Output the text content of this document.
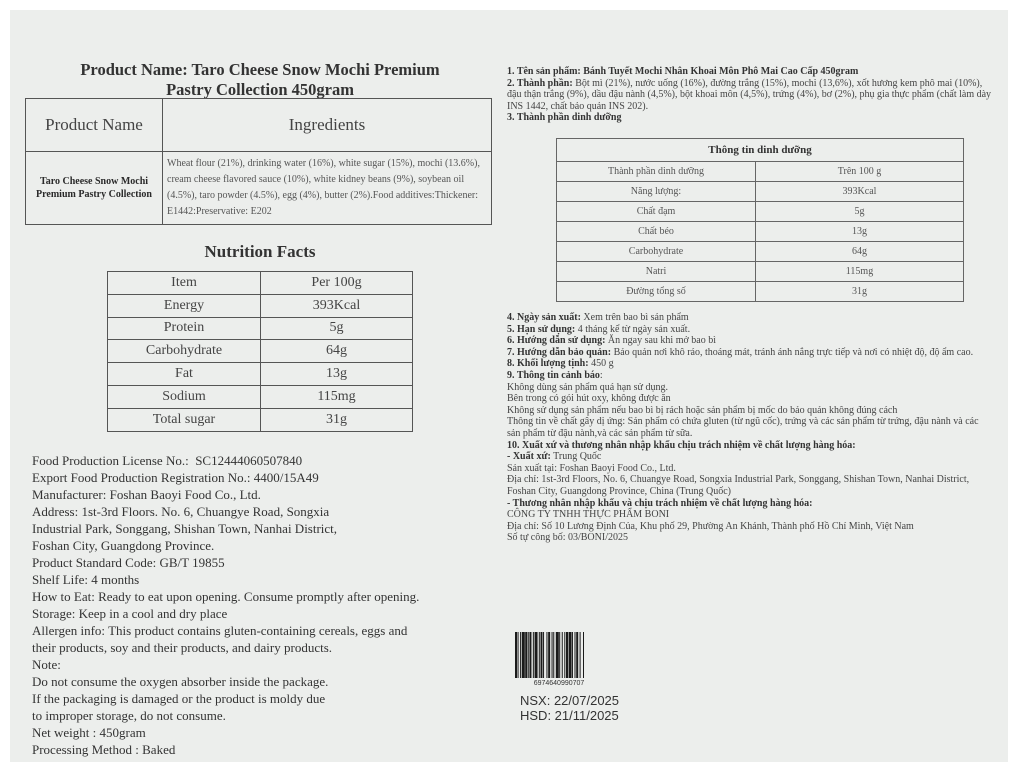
Product Name: Taro Cheese Snow Mochi Premium
Pastry Collection 450gram
Product Name	Ingredients
Taro Cheese Snow Mochi Premium Pastry Collection	Wheat flour (21%), drinking water (16%), white sugar (15%), mochi (13.6%), cream cheese flavored sauce (10%), white kidney beans (9%), soybean oil (4.5%), taro powder (4.5%), egg (4%), butter (2%).Food additives:Thickener: E1442:Preservative: E202
Nutrition Facts
Item	Per 100g
Energy	393Kcal
Protein	5g
Carbohydrate	64g
Fat	13g
Sodium	115mg
Total sugar	31g
Food Production License No.:  SC12444060507840
Export Food Production Registration No.: 4400/15A49
Manufacturer: Foshan Baoyi Food Co., Ltd.
Address: 1st-3rd Floors. No. 6, Chuangye Road, Songxia
Industrial Park, Songgang, Shishan Town, Nanhai District,
Foshan City, Guangdong Province.
Product Standard Code: GB/T 19855
Shelf Life: 4 months
How to Eat: Ready to eat upon opening. Consume promptly after opening.
Storage: Keep in a cool and dry place
Allergen info: This product contains gluten-containing cereals, eggs and
their products, soy and their products, and dairy products.
Note:
Do not consume the oxygen absorber inside the package.
If the packaging is damaged or the product is moldy due
to improper storage, do not consume.
Net weight : 450gram
Processing Method : Baked
1. Tên sản phẩm: Bánh Tuyết Mochi Nhân Khoai Môn Phô Mai Cao Cấp 450gram
2. Thành phần: Bột mì (21%), nước uống (16%), đường trắng (15%), mochi (13,6%), xốt hương kem phô mai (10%), đậu thận trắng (9%), dầu đậu nành (4,5%), bột khoai môn (4,5%), trứng (4%), bơ (2%), phụ gia thực phẩm (chất làm dày INS 1442, chất bảo quản INS 202).
3. Thành phần dinh dưỡng
Thông tin dinh dưỡng	
Thành phần dinh dưỡng	Trên 100 g
Năng lượng:	393Kcal
Chất đạm	5g
Chất béo	13g
Carbohydrate	64g
Natri	115mg
Đường tổng số	31g
4. Ngày sản xuất: Xem trên bao bì sản phẩm
5. Hạn sử dụng: 4 tháng kể từ ngày sản xuất.
6. Hướng dẫn sử dụng: Ăn ngay sau khi mở bao bì
7. Hướng dẫn bảo quản: Bảo quản nơi khô ráo, thoáng mát, tránh ánh nắng trực tiếp và nơi có nhiệt độ, độ ẩm cao.
8. Khối lượng tịnh: 450 g
9. Thông tin cảnh báo:
Không dùng sản phẩm quá hạn sử dụng.
Bên trong có gói hút oxy, không được ăn
Không sử dụng sản phẩm nếu bao bì bị rách hoặc sản phẩm bị mốc do bảo quản không đúng cách
Thông tin về chất gây dị ứng: Sản phẩm có chứa gluten (từ ngũ cốc), trứng và các sản phẩm từ trứng, đậu nành và các sản phẩm từ đậu nành,và các sản phẩm từ sữa.
10. Xuất xứ và thương nhân nhập khẩu chịu trách nhiệm về chất lượng hàng hóa:
- Xuất xứ: Trung Quốc
Sản xuất tại: Foshan Baoyi Food Co., Ltd.
Địa chỉ: 1st-3rd Floors, No. 6, Chuangye Road, Songxia Industrial Park, Songgang, Shishan Town, Nanhai District, Foshan City, Guangdong Province, China (Trung Quốc)
- Thương nhân nhập khẩu và chịu trách nhiệm về chất lượng hàng hóa:
CÔNG TY TNHH THỰC PHẨM BONI
Địa chỉ: Số 10 Lương Định Của, Khu phố 29, Phường An Khánh, Thành phố Hồ Chí Minh, Việt Nam
Số tự công bố: 03/BONI/2025
6974640990707
NSX: 22/07/2025
HSD: 21/11/2025
